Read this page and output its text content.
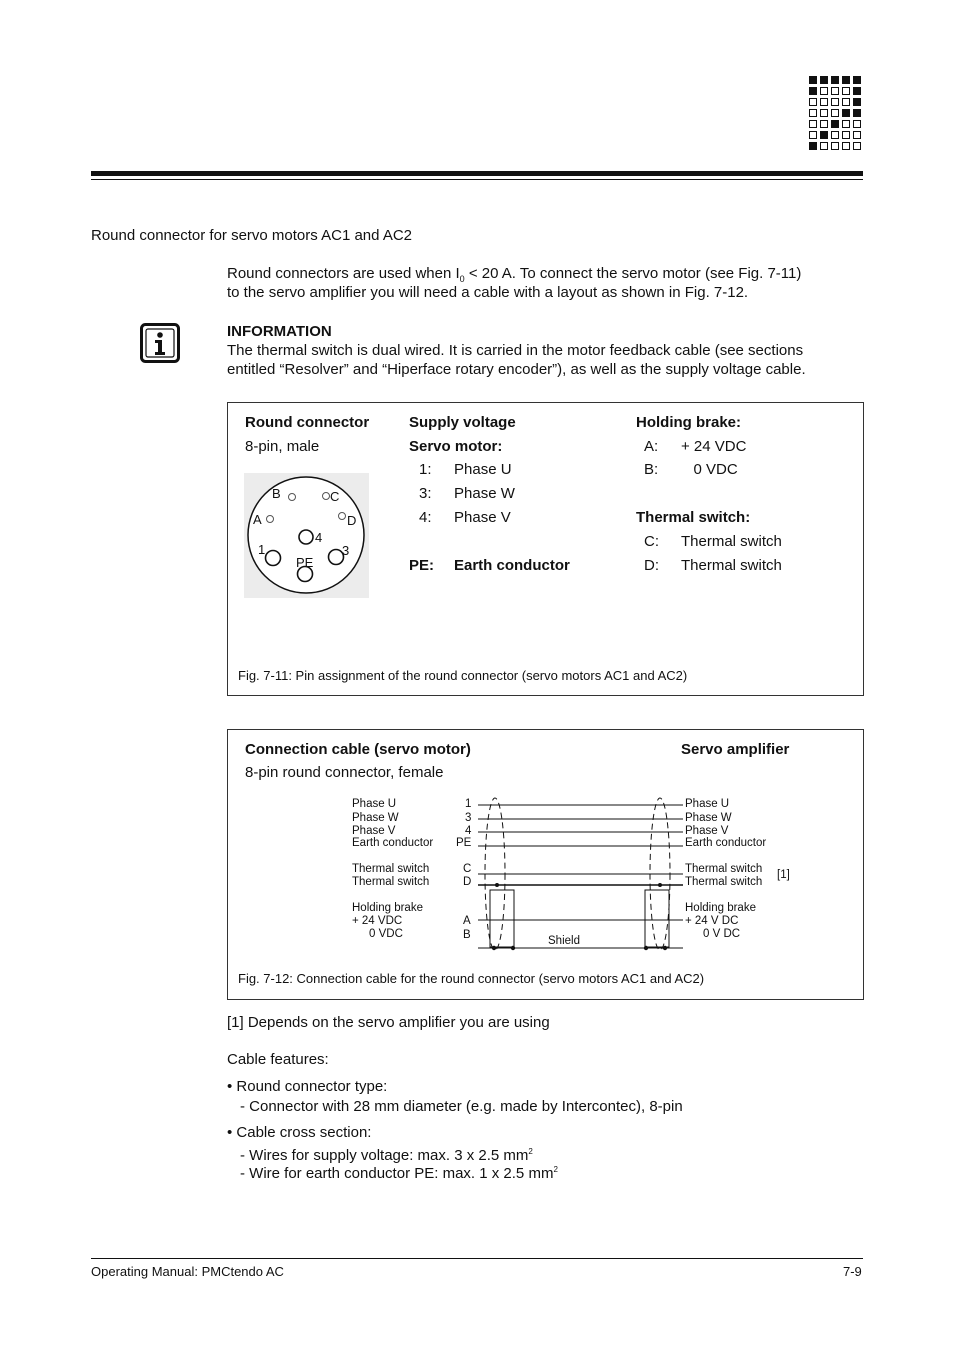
Round connector for servo motors AC1 and AC2
Round connectors are used when $I_0 < 20$ A. To connect the servo motor (see Fig. 7-11)
to the servo amplifier you will need a cable with a layout as shown in Fig. 7-12.
INFORMATION
The thermal switch is dual wired. It is carried in the motor feedback cable (see sections
entitled “Resolver” and “Hiperface rotary encoder”), as well as the supply voltage cable.
Round connector
8-pin, male
B	C
A	D
4
1
PE
3
Supply voltage
Servo motor:
1: Phase U
3: Phase W
4: Phase V
PE: Earth conductor
Holding brake:
A: + 24 VDC
B: 0 VDC
Thermal switch:
C: Thermal switch
D: Thermal switch
Fig. 7-11: Pin assignment of the round connector (servo motors AC1 and AC2)
Connection cable (servo motor)
8-pin round connector, female
Servo amplifier
Phase U
Phase W
Phase V
Earth conductor
Thermal switch
Thermal switch
Holding brake
+ 24 VDC
0 VDC
1
3
4
PE
C
D
A
B
Phase U
Phase W
Phase V
Earth conductor
Thermal switch
Thermal switch
[1]
Holding brake
+ 24 V DC
0 V DC
Shield
Fig. 7-12: Connection cable for the round connector (servo motors AC1 and AC2)
[1] Depends on the servo amplifier you are using
Cable features:
• Round connector type:
- Connector with 28 mm diameter (e.g. made by Intercontec), 8-pin
• Cable cross section:
- Wires for supply voltage: max. 3 x 2.5 $mm^2$
- Wire for earth conductor PE: max. 1 x 2.5 $mm^2$
Operating Manual: PMCtendo AC	7-9
